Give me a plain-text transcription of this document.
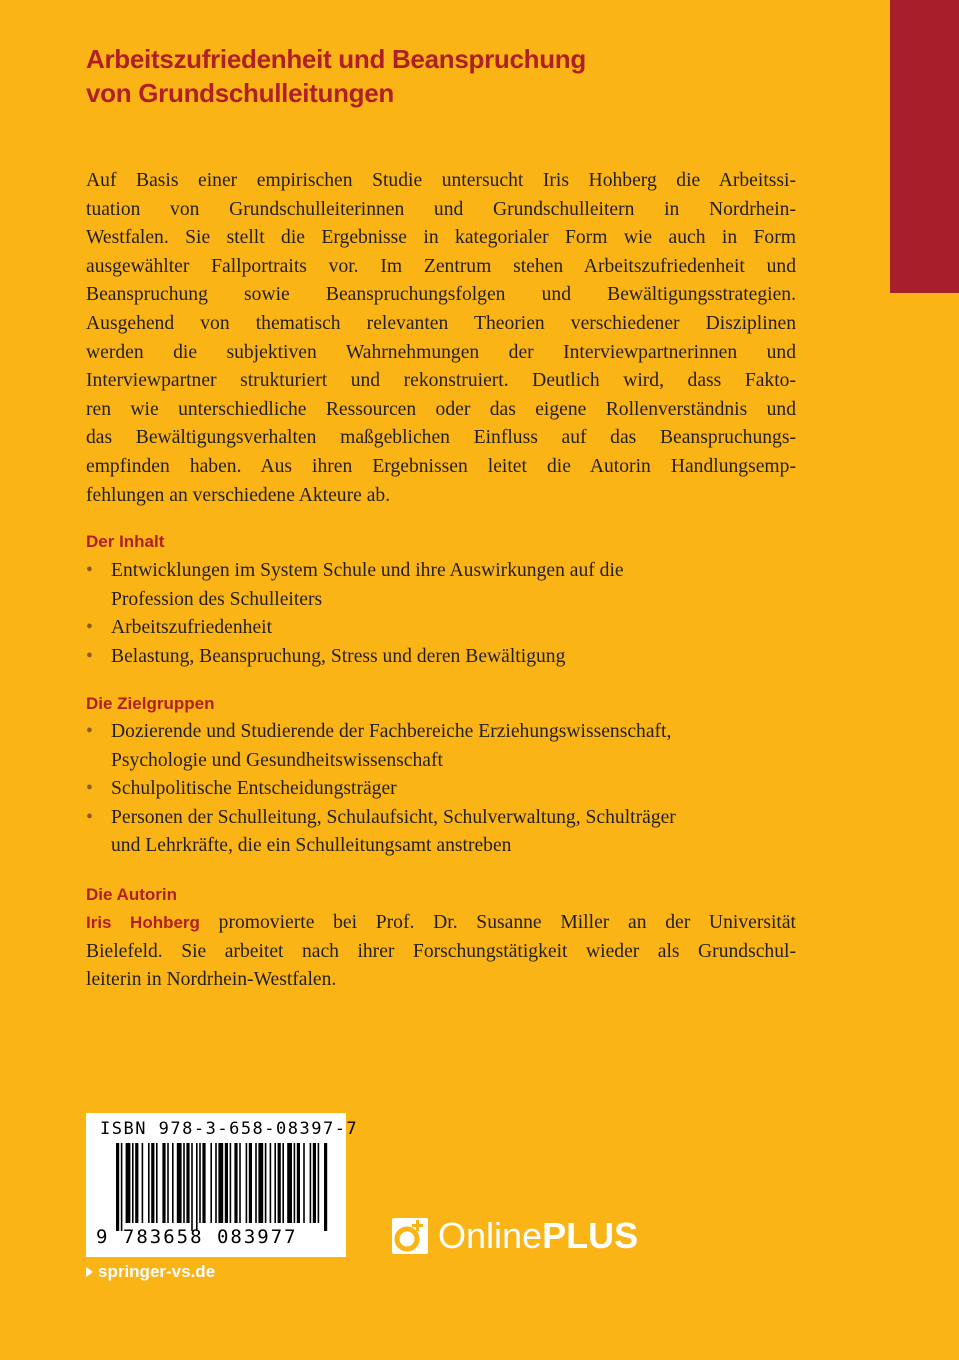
Arbeitszufriedenheit und Beanspruchung
von Grundschulleitungen

Auf Basis einer empirischen Studie untersucht Iris Hohberg die Arbeitssi-
tuation von Grundschulleiterinnen und Grundschulleitern in Nordrhein-
Westfalen. Sie stellt die Ergebnisse in kategorialer Form wie auch in Form
ausgewählter Fallportraits vor. Im Zentrum stehen Arbeitszufriedenheit und
Beanspruchung sowie Beanspruchungsfolgen und Bewältigungsstrategien.
Ausgehend von thematisch relevanten Theorien verschiedener Disziplinen
werden die subjektiven Wahrnehmungen der Interviewpartnerinnen und
Interviewpartner strukturiert und rekonstruiert. Deutlich wird, dass Fakto-
ren wie unterschiedliche Ressourcen oder das eigene Rollenverständnis und
das Bewältigungsverhalten maßgeblichen Einfluss auf das Beanspruchungs-
empfinden haben. Aus ihren Ergebnissen leitet die Autorin Handlungsemp-
fehlungen an verschiedene Akteure ab.

Der Inhalt
• Entwicklungen im System Schule und ihre Auswirkungen auf die
Profession des Schulleiters
• Arbeitszufriedenheit
• Belastung, Beanspruchung, Stress und deren Bewältigung
Die Zielgruppen
• Dozierende und Studierende der Fachbereiche Erziehungswissenschaft,
Psychologie und Gesundheitswissenschaft
• Schulpolitische Entscheidungsträger
• Personen der Schulleitung, Schulaufsicht, Schulverwaltung, Schulträger
und Lehrkräfte, die ein Schulleitungsamt anstreben
Die Autorin

Iris Hohberg promovierte bei Prof. Dr. Susanne Miller an der Universität
Bielefeld. Sie arbeitet nach ihrer Forschungstätigkeit wieder als Grundschul-
leiterin in Nordrhein-Westfalen.

ISBN 978-3-658-08397-7
9 783658 083977	OnlinePLUS
springer-vs.de
